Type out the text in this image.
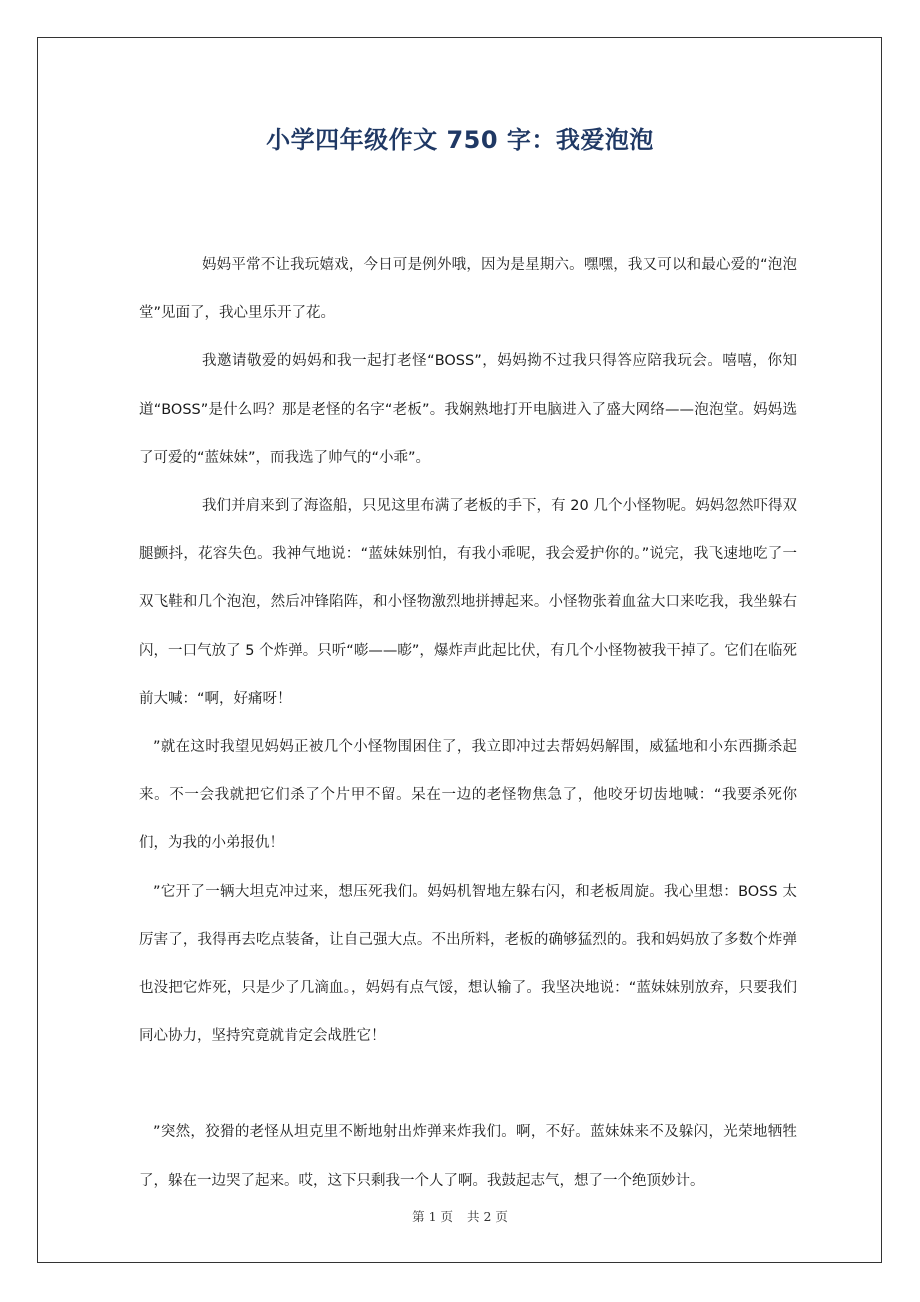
小学四年级作文 750 字：我爱泡泡

妈妈平常不让我玩嬉戏，今日可是例外哦，因为是星期六。嘿嘿，我又可以和最心爱的“泡泡堂”见面了，我心里乐开了花。

我邀请敬爱的妈妈和我一起打老怪“BOSS”，妈妈拗不过我只得答应陪我玩会。嘻嘻，你知道“BOSS”是什么吗？那是老怪的名字“老板”。我娴熟地打开电脑进入了盛大网络——泡泡堂。妈妈选了可爱的“蓝妹妹”，而我选了帅气的“小乖”。

我们并肩来到了海盗船，只见这里布满了老板的手下，有 20 几个小怪物呢。妈妈忽然吓得双腿颤抖，花容失色。我神气地说：“蓝妹妹别怕，有我小乖呢，我会爱护你的。”说完，我飞速地吃了一双飞鞋和几个泡泡，然后冲锋陷阵，和小怪物激烈地拼搏起来。小怪物张着血盆大口来吃我，我坐躲右闪，一口气放了 5 个炸弹。只听“嘭——嘭”，爆炸声此起比伏，有几个小怪物被我干掉了。它们在临死前大喊：“啊，好痛呀！

”就在这时我望见妈妈正被几个小怪物围困住了，我立即冲过去帮妈妈解围，威猛地和小东西撕杀起来。不一会我就把它们杀了个片甲不留。呆在一边的老怪物焦急了，他咬牙切齿地喊：“我要杀死你们，为我的小弟报仇！

”它开了一辆大坦克冲过来，想压死我们。妈妈机智地左躲右闪，和老板周旋。我心里想：BOSS 太厉害了，我得再去吃点装备，让自己强大点。不出所料，老板的确够猛烈的。我和妈妈放了多数个炸弹也没把它炸死，只是少了几滴血。，妈妈有点气馁，想认输了。我坚决地说：“蓝妹妹别放弃，只要我们同心协力，坚持究竟就肯定会战胜它！

”突然，狡猾的老怪从坦克里不断地射出炸弹来炸我们。啊，不好。蓝妹妹来不及躲闪，光荣地牺牲了，躲在一边哭了起来。哎，这下只剩我一个人了啊。我鼓起志气，想了一个绝顶妙计。

第 1 页 共 2 页
